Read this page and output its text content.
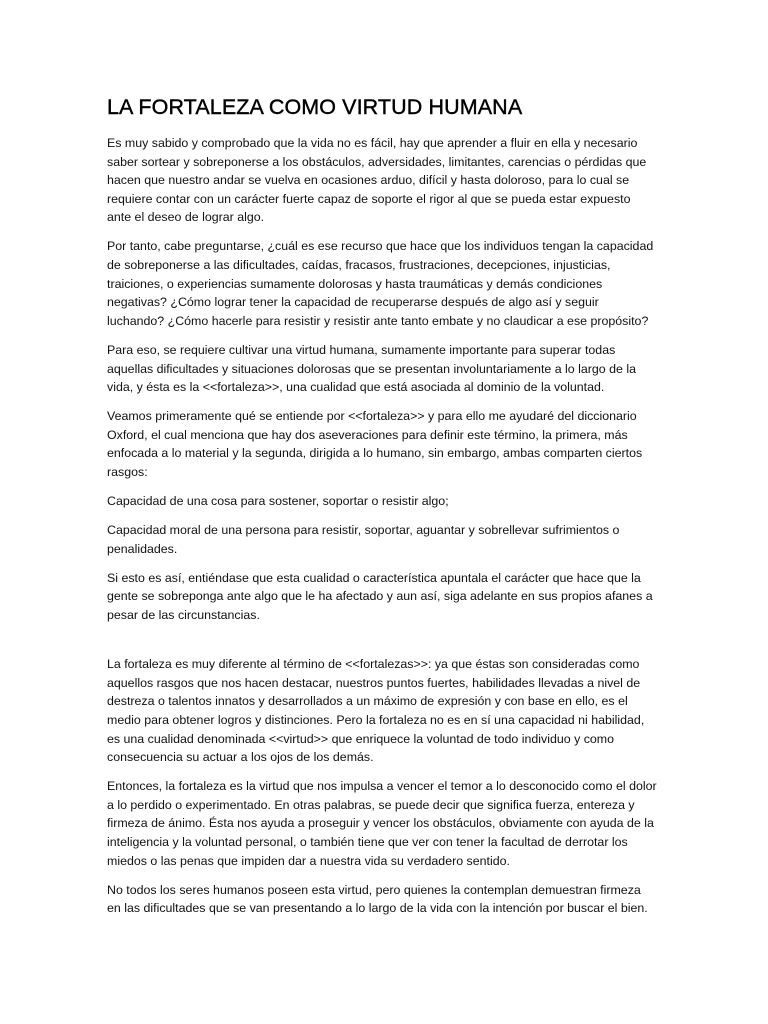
LA FORTALEZA COMO VIRTUD HUMANA

Es muy sabido y comprobado que la vida no es fácil, hay que aprender a fluir en ella y necesario saber sortear y sobreponerse a los obstáculos, adversidades, limitantes, carencias o pérdidas que hacen que nuestro andar se vuelva en ocasiones arduo, difícil y hasta doloroso, para lo cual se requiere contar con un carácter fuerte capaz de soporte el rigor al que se pueda estar expuesto ante el deseo de lograr algo.

Por tanto, cabe preguntarse, ¿cuál es ese recurso que hace que los individuos tengan la capacidad de sobreponerse a las dificultades, caídas, fracasos, frustraciones, decepciones, injusticias, traiciones, o experiencias sumamente dolorosas y hasta traumáticas y demás condiciones negativas? ¿Cómo lograr tener la capacidad de recuperarse después de algo así y seguir luchando? ¿Cómo hacerle para resistir y resistir ante tanto embate y no claudicar a ese propósito?

Para eso, se requiere cultivar una virtud humana, sumamente importante para superar todas aquellas dificultades y situaciones dolorosas que se presentan involuntariamente a lo largo de la vida, y ésta es la <<fortaleza>>, una cualidad que está asociada al dominio de la voluntad.

Veamos primeramente qué se entiende por <<fortaleza>> y para ello me ayudaré del diccionario Oxford, el cual menciona que hay dos aseveraciones para definir este término, la primera, más enfocada a lo material y la segunda, dirigida a lo humano, sin embargo, ambas comparten ciertos rasgos:

Capacidad de una cosa para sostener, soportar o resistir algo;

Capacidad moral de una persona para resistir, soportar, aguantar y sobrellevar sufrimientos o penalidades.

Si esto es así, entiéndase que esta cualidad o característica apuntala el carácter que hace que la gente se sobreponga ante algo que le ha afectado y aun así, siga adelante en sus propios afanes a pesar de las circunstancias.

La fortaleza es muy diferente al término de <<fortalezas>>: ya que éstas son consideradas como aquellos rasgos que nos hacen destacar, nuestros puntos fuertes, habilidades llevadas a nivel de destreza o talentos innatos y desarrollados a un máximo de expresión y con base en ello, es el medio para obtener logros y distinciones. Pero la fortaleza no es en sí una capacidad ni habilidad, es una cualidad denominada <<virtud>> que enriquece la voluntad de todo individuo y como consecuencia su actuar a los ojos de los demás.

Entonces, la fortaleza es la virtud que nos impulsa a vencer el temor a lo desconocido como el dolor a lo perdido o experimentado. En otras palabras, se puede decir que significa fuerza, entereza y firmeza de ánimo. Ésta nos ayuda a proseguir y vencer los obstáculos, obviamente con ayuda de la inteligencia y la voluntad personal, o también tiene que ver con tener la facultad de derrotar los miedos o las penas que impiden dar a nuestra vida su verdadero sentido.

No todos los seres humanos poseen esta virtud, pero quienes la contemplan demuestran firmeza en las dificultades que se van presentando a lo largo de la vida con la intención por buscar el bien.
